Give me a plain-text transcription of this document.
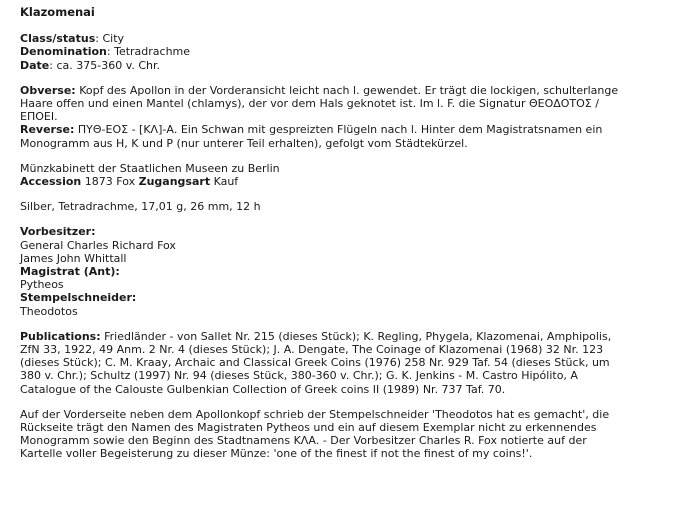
Klazomenai
Class/status: City
Denomination: Tetradrachme
Date: ca. 375-360 v. Chr.
Obverse: Kopf des Apollon in der Vorderansicht leicht nach l. gewendet. Er trägt die lockigen, schulterlange
Haare offen und einen Mantel (chlamys), der vor dem Hals geknotet ist. Im l. F. die Signatur ΘΕΟΔΟΤΟΣ /
ΕΠΟΕΙ.
Reverse: ΠΥΘ-ΕΟΣ - [ΚΛ]-Α. Ein Schwan mit gespreizten Flügeln nach l. Hinter dem Magistratsnamen ein
Monogramm aus H, K und P (nur unterer Teil erhalten), gefolgt vom Städtekürzel.
Münzkabinett der Staatlichen Museen zu Berlin
Accession 1873 Fox Zugangsart Kauf
Silber, Tetradrachme, 17,01 g, 26 mm, 12 h
Vorbesitzer:
General Charles Richard Fox
James John Whittall
Magistrat (Ant):
Pytheos
Stempelschneider:
Theodotos
Publications: Friedländer - von Sallet Nr. 215 (dieses Stück); K. Regling, Phygela, Klazomenai, Amphipolis,
ZfN 33, 1922, 49 Anm. 2 Nr. 4 (dieses Stück); J. A. Dengate, The Coinage of Klazomenai (1968) 32 Nr. 123
(dieses Stück); C. M. Kraay, Archaic and Classical Greek Coins (1976) 258 Nr. 929 Taf. 54 (dieses Stück, um
380 v. Chr.); Schultz (1997) Nr. 94 (dieses Stück, 380-360 v. Chr.); G. K. Jenkins - M. Castro Hipólito, A
Catalogue of the Calouste Gulbenkian Collection of Greek coins II (1989) Nr. 737 Taf. 70.
Auf der Vorderseite neben dem Apollonkopf schrieb der Stempelschneider 'Theodotos hat es gemacht', die
Rückseite trägt den Namen des Magistraten Pytheos und ein auf diesem Exemplar nicht zu erkennendes
Monogramm sowie den Beginn des Stadtnamens ΚΛΑ. - Der Vorbesitzer Charles R. Fox notierte auf der
Kartelle voller Begeisterung zu dieser Münze: 'one of the finest if not the finest of my coins!'.
